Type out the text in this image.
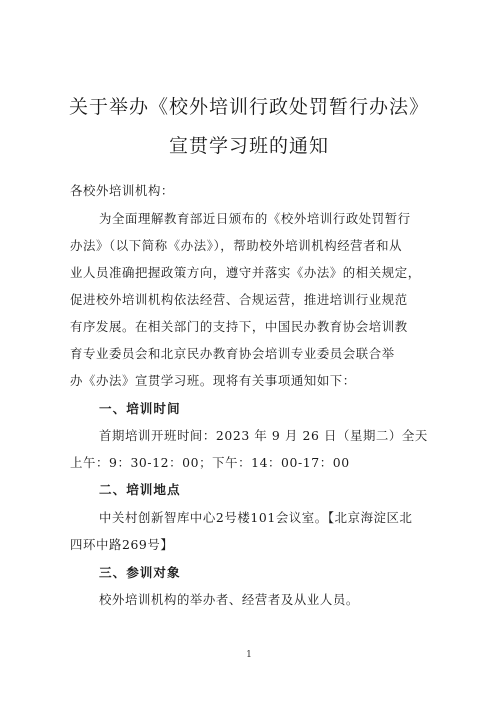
关于举办《校外培训行政处罚暂行办法》
宣贯学习班的通知
各校外培训机构：
为全面理解教育部近日颁布的《校外培训行政处罚暂行
办法》（以下简称《办法》），帮助校外培训机构经营者和从
业人员准确把握政策方向，遵守并落实《办法》的相关规定，
促进校外培训机构依法经营、合规运营，推进培训行业规范
有序发展。在相关部门的支持下，中国民办教育协会培训教
育专业委员会和北京民办教育协会培训专业委员会联合举
办《办法》宣贯学习班。现将有关事项通知如下：
一、培训时间
首期培训开班时间：2023 年 9 月 26 日（星期二）全天
上午：9：30-12：00；下午：14：00-17：00
二、培训地点
中关村创新智库中心2号楼101会议室。【北京海淀区北
四环中路269号】
三、参训对象
校外培训机构的举办者、经营者及从业人员。
1
